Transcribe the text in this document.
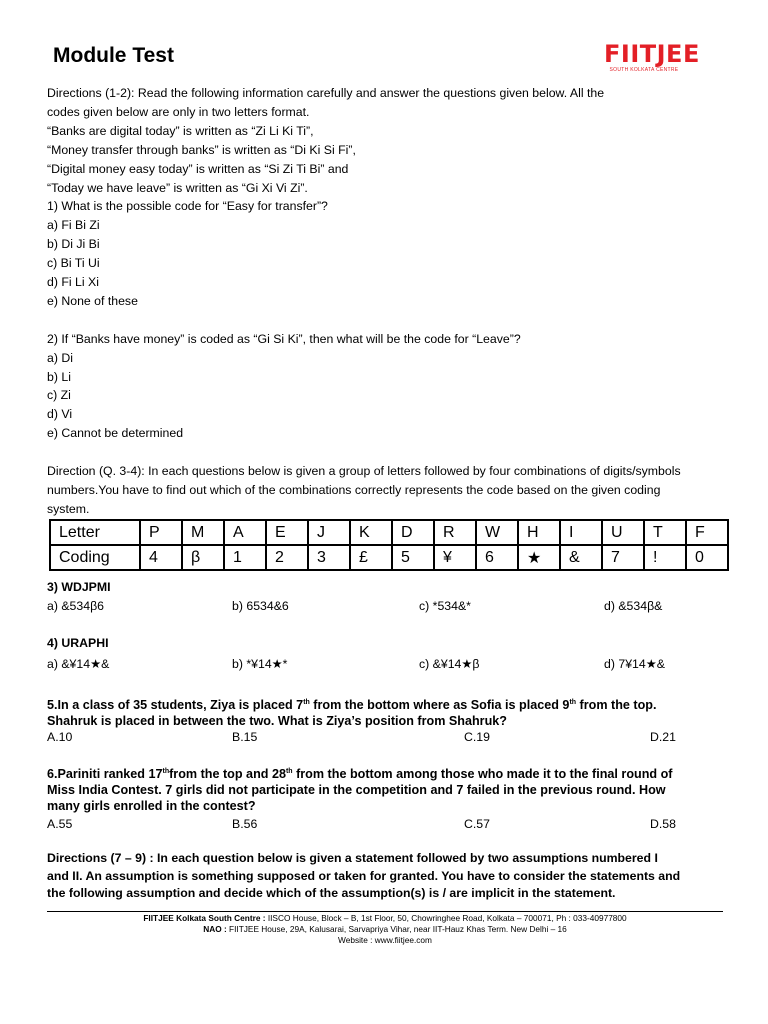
Module Test	FIITJEE
SOUTH KOLKATA CENTRE
Directions (1-2): Read the following information carefully and answer the questions given below. All the
codes given below are only in two letters format.
“Banks are digital today” is written as “Zi Li Ki Ti”,
“Money transfer through banks” is written as “Di Ki Si Fi”,
“Digital money easy today” is written as “Si Zi Ti Bi” and
“Today we have leave” is written as “Gi Xi Vi Zi”.
1) What is the possible code for “Easy for transfer”?
a) Fi Bi Zi
b) Di Ji Bi
c) Bi Ti Ui
d) Fi Li Xi
e) None of these
2) If “Banks have money” is coded as “Gi Si Ki”, then what will be the code for “Leave”?
a) Di
b) Li
c) Zi
d) Vi
e) Cannot be determined
Direction (Q. 3-4): In each questions below is given a group of letters followed by four combinations of digits/symbols
numbers.You have to find out which of the combinations correctly represents the code based on the given coding
system.
Letter	P	M	A	E	J	K	D	R	W	H	I	U	T	F
Coding	4	β	1	2	3	£	5	¥	6	★	&	7	!	0
3) WDJPMI
a) &534β6	b) 6534&6	c) *534&*	d) &534β&
4) URAPHI
a) &¥14★&	b) *¥14★*	c) &¥14★β	d) 7¥14★&
5.In a class of 35 students, Ziya is placed 7th from the bottom where as Sofia is placed 9th from the top.
Shahruk is placed in between the two. What is Ziya’s position from Shahruk?
A.10	B.15	C.19	D.21
6.Pariniti ranked 17thfrom the top and 28th from the bottom among those who made it to the final round of
Miss India Contest. 7 girls did not participate in the competition and 7 failed in the previous round. How
many girls enrolled in the contest?
A.55	B.56	C.57	D.58
Directions (7 – 9) : In each question below is given a statement followed by two assumptions numbered I
and II. An assumption is something supposed or taken for granted. You have to consider the statements and
the following assumption and decide which of the assumption(s) is / are implicit in the statement.
FIITJEE Kolkata South Centre : IISCO House, Block – B, 1st Floor, 50, Chowringhee Road, Kolkata – 700071, Ph : 033-40977800
NAO : FIITJEE House, 29A, Kalusarai, Sarvapriya Vihar, near IIT-Hauz Khas Term. New Delhi – 16
Website : www.fiitjee.com
